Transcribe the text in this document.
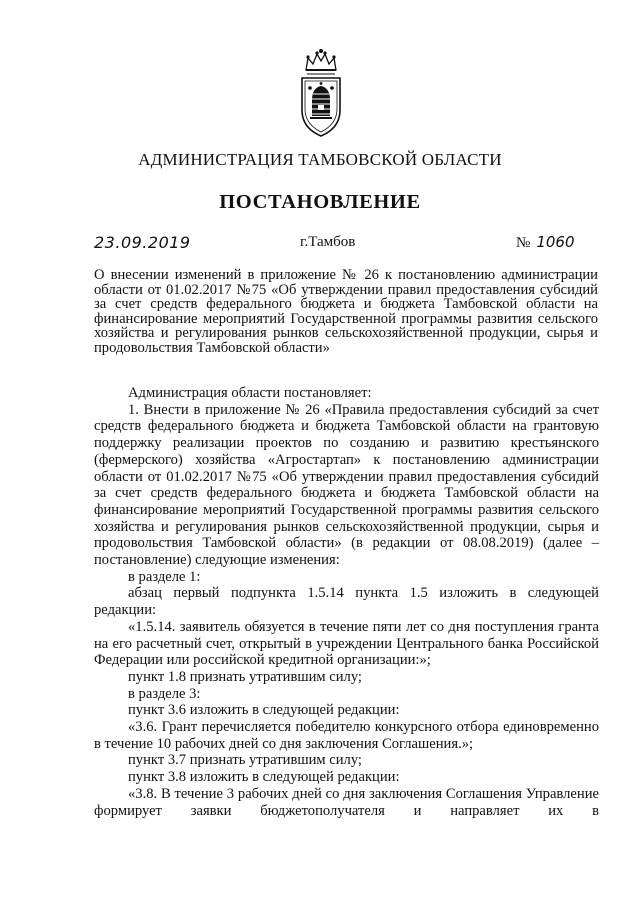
АДМИНИСТРАЦИЯ ТАМБОВСКОЙ ОБЛАСТИ
ПОСТАНОВЛЕНИЕ
23.09.2019	г.Тамбов	№ 1060
О внесении изменений в приложение № 26 к постановлению администрации области от 01.02.2017 №75 «Об утверждении правил предоставления субсидий за счет средств федерального бюджета и бюджета Тамбовской области на финансирование мероприятий Государственной программы развития сельского хозяйства и регулирования рынков сельскохозяйственной продукции, сырья и продовольствия Тамбовской области»

Администрация области постановляет:

1. Внести в приложение № 26 «Правила предоставления субсидий за счет средств федерального бюджета и бюджета Тамбовской области на грантовую поддержку реализации проектов по созданию и развитию крестьянского (фермерского) хозяйства «Агростартап» к постановлению администрации области от 01.02.2017 №75 «Об утверждении правил предоставления субсидий за счет средств федерального бюджета и бюджета Тамбовской области на финансирование мероприятий Государственной программы развития сельского хозяйства и регулирования рынков сельскохозяйственной продукции, сырья и продовольствия Тамбовской области» (в редакции от 08.08.2019) (далее – постановление) следующие изменения:

в разделе 1:

абзац первый подпункта 1.5.14 пункта 1.5 изложить в следующей редакции:

«1.5.14. заявитель обязуется в течение пяти лет со дня поступления гранта на его расчетный счет, открытый в учреждении Центрального банка Российской Федерации или российской кредитной организации:»;

пункт 1.8 признать утратившим силу;

в разделе 3:

пункт 3.6 изложить в следующей редакции:

«3.6. Грант перечисляется победителю конкурсного отбора единовременно в течение 10 рабочих дней со дня заключения Соглашения.»;

пункт 3.7 признать утратившим силу;

пункт 3.8 изложить в следующей редакции:

«3.8. В течение 3 рабочих дней со дня заключения Соглашения Управление формирует заявки бюджетополучателя и направляет их в
